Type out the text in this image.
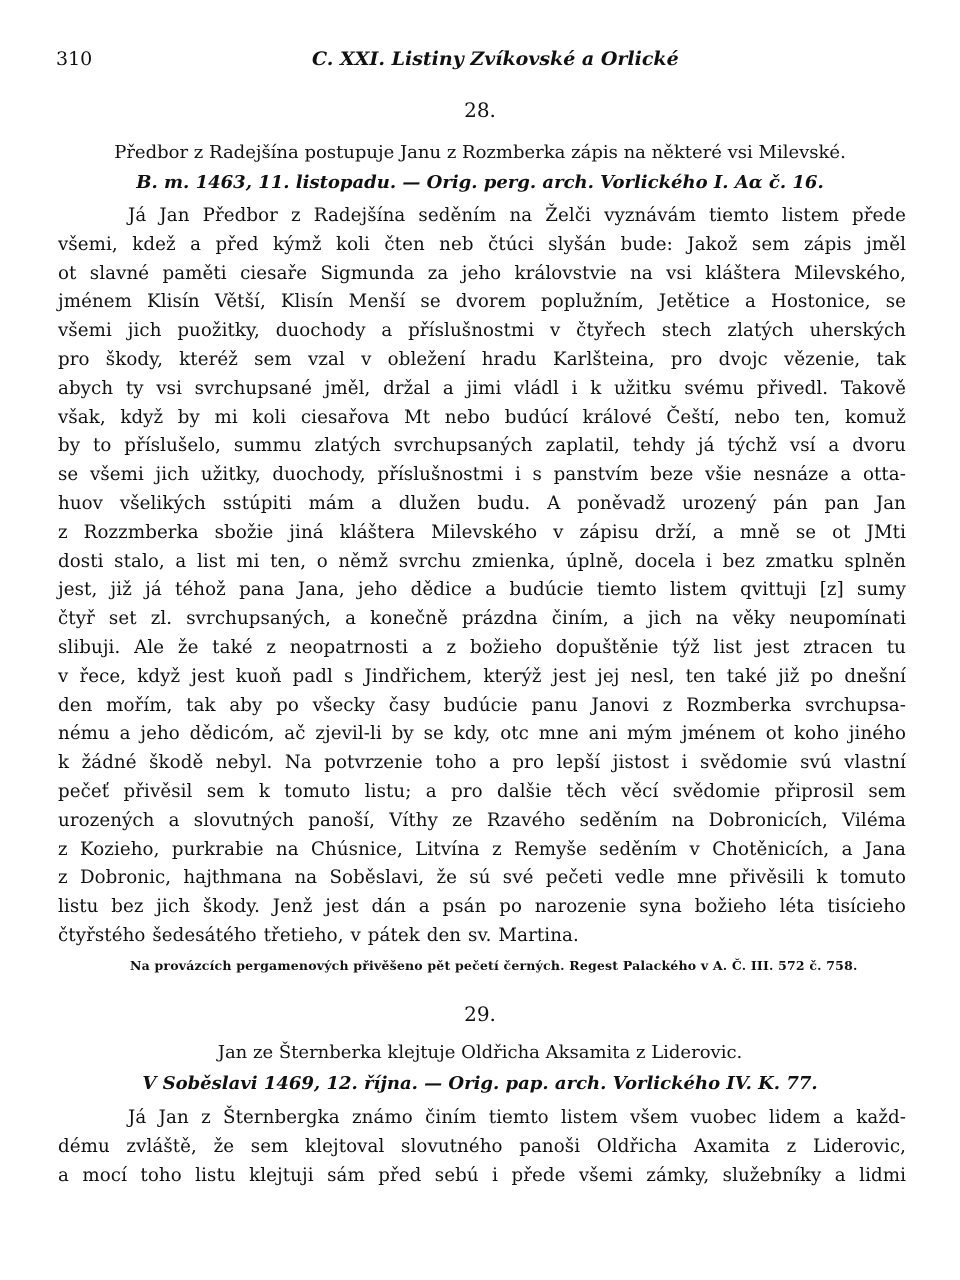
310	C. XXI. Listiny Zvíkovské a Orlické
28.
Předbor z Radejšína postupuje Janu z Rozmberka zápis na některé vsi Milevské.
B. m. 1463, 11. listopadu. — Orig. perg. arch. Vorlického I. Aα č. 16.
Já Jan Předbor z Radejšína seděním na Želči vyznávám tiemto listem přede
všemi, kdež a před kýmž koli čten neb čtúci slyšán bude: Jakož sem zápis jměl
ot slavné paměti ciesaře Sigmunda za jeho královstvie na vsi kláštera Milevského,
jménem Klisín Větší, Klisín Menší se dvorem poplužním, Jetětice a Hostonice, se
všemi jich puožitky, duochody a příslušnostmi v čtyřech stech zlatých uherských
pro škody, kteréž sem vzal v obležení hradu Karlšteina, pro dvojc vězenie, tak
abych ty vsi svrchupsané jměl, držal a jimi vládl i k užitku svému přivedl. Takově
však, když by mi koli ciesařova Mt nebo budúcí králové Čeští, nebo ten, komuž
by to příslušelo, summu zlatých svrchupsaných zaplatil, tehdy já týchž vsí a dvoru
se všemi jich užitky, duochody, příslušnostmi i s panstvím beze všie nesnáze a otta-
huov všelikých sstúpiti mám a dlužen budu. A poněvadž urozený pán pan Jan
z Rozzmberka sbožie jiná kláštera Milevského v zápisu drží, a mně se ot JMti
dosti stalo, a list mi ten, o němž svrchu zmienka, úplně, docela i bez zmatku splněn
jest, již já téhož pana Jana, jeho dědice a budúcie tiemto listem qvittuji [z] sumy
čtyř set zl. svrchupsaných, a konečně prázdna činím, a jich na věky neupomínati
slibuji. Ale že také z neopatrnosti a z božieho dopuštěnie týž list jest ztracen tu
v řece, když jest kuoň padl s Jindřichem, kterýž jest jej nesl, ten také již po dnešní
den mořím, tak aby po všecky časy budúcie panu Janovi z Rozmberka svrchupsa-
nému a jeho dědicóm, ač zjevil-li by se kdy, otc mne ani mým jménem ot koho jiného
k žádné škodě nebyl. Na potvrzenie toho a pro lepší jistost i svědomie svú vlastní
pečeť přivěsil sem k tomuto listu; a pro dalšie těch věcí svědomie připrosil sem
urozených a slovutných panoší, Víthy ze Rzavého seděním na Dobronicích, Viléma
z Kozieho, purkrabie na Chúsnice, Litvína z Remyše seděním v Chotěnicích, a Jana
z Dobronic, hajthmana na Soběslavi, že sú své pečeti vedle mne přivěsili k tomuto
listu bez jich škody. Jenž jest dán a psán po narozenie syna božieho léta tisícieho
čtyřstého šedesátého třetieho, v pátek den sv. Martina.
Na provázcích pergamenových přivěšeno pět pečetí černých. Regest Palackého v A. Č. III. 572 č. 758.
29.
Jan ze Šternberka klejtuje Oldřicha Aksamita z Liderovic.
V Soběslavi 1469, 12. října. — Orig. pap. arch. Vorlického IV. K. 77.
Já Jan z Šternbergka známo činím tiemto listem všem vuobec lidem a každ-
dému zvláště, že sem klejtoval slovutného panoši Oldřicha Axamita z Liderovic,
a mocí toho listu klejtuji sám před sebú i přede všemi zámky, služebníky a lidmi
